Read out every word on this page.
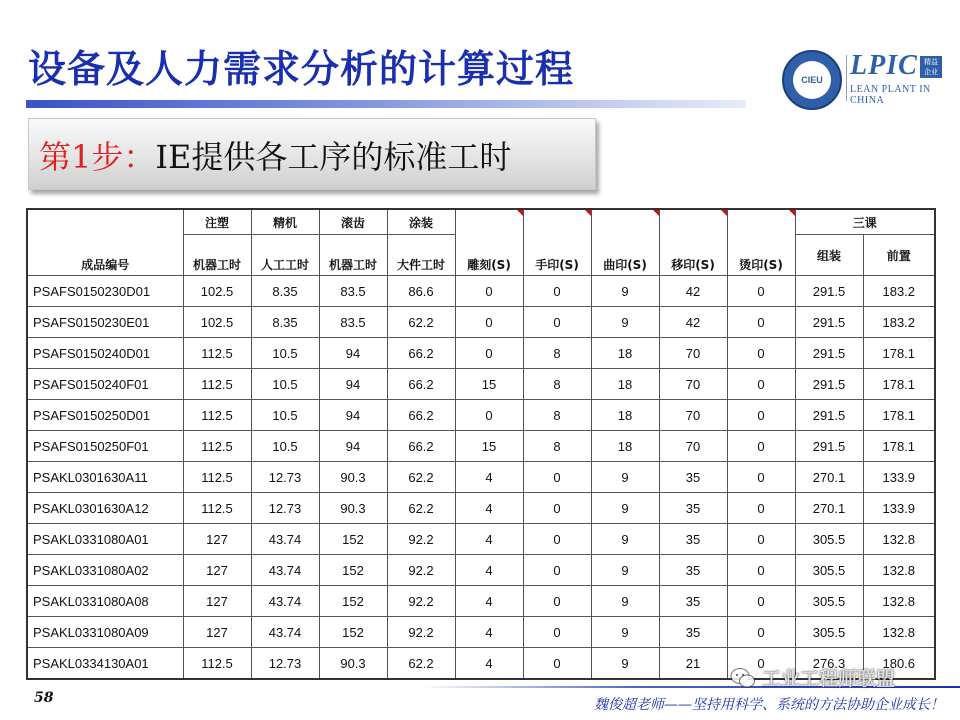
设备及人力需求分析的计算过程	CIEU LPIC 精益 企业
LEAN PLANT IN CHINA
第1步：IE提供各工序的标准工时
成品编号	注塑	精机	滚齿	涂装	雕刻(S)	手印(S)	曲印(S)	移印(S)	烫印(S)	三课	
	机器工时	人工工时	机器工时	大件工时						组装	前置
PSAFS0150230D01	102.5	8.35	83.5	86.6	0	0	9	42	0	291.5	183.2
PSAFS0150230E01	102.5	8.35	83.5	62.2	0	0	9	42	0	291.5	183.2
PSAFS0150240D01	112.5	10.5	94	66.2	0	8	18	70	0	291.5	178.1
PSAFS0150240F01	112.5	10.5	94	66.2	15	8	18	70	0	291.5	178.1
PSAFS0150250D01	112.5	10.5	94	66.2	0	8	18	70	0	291.5	178.1
PSAFS0150250F01	112.5	10.5	94	66.2	15	8	18	70	0	291.5	178.1
PSAKL0301630A11	112.5	12.73	90.3	62.2	4	0	9	35	0	270.1	133.9
PSAKL0301630A12	112.5	12.73	90.3	62.2	4	0	9	35	0	270.1	133.9
PSAKL0331080A01	127	43.74	152	92.2	4	0	9	35	0	305.5	132.8
PSAKL0331080A02	127	43.74	152	92.2	4	0	9	35	0	305.5	132.8
PSAKL0331080A08	127	43.74	152	92.2	4	0	9	35	0	305.5	132.8
PSAKL0331080A09	127	43.74	152	92.2	4	0	9	35	0	305.5	132.8
PSAKL0334130A01	112.5	12.73	90.3	62.2	4	0	9	21	0	276.3	180.6
58	魏俊超老师——坚持用科学、系统的方法协助企业成长！
工业工程师联盟
